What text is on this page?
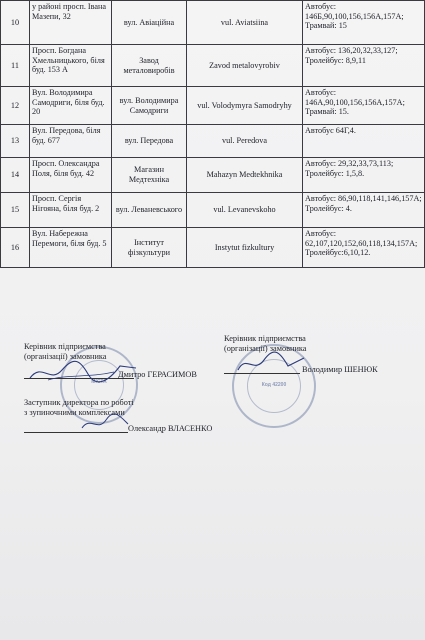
10	у районі просп. Івана Мазепи, 32	вул. Авіаційна	vul. Aviatsiina	Автобус: 146Б,90,100,156,156А,157А; Трамвай: 15
11	Просп. Богдана Хмельницького, біля буд. 153 А	Завод металовиробів	Zavod metalovyrobiv	Автобус: 136,20,32,33,127; Тролейбус: 8,9,11
12	Вул. Володимира Самодриги, біля буд. 20	вул. Володимира Самодриги	vul. Volodymyra Samodryhy	Автобус: 146А,90,100,156,156А,157А; Трамвай: 15.
13	Вул. Передова, біля буд. 677	вул. Передова	vul. Peredova	Автобус 64Г,4.
14	Просп. Олександра Поля, біля буд. 42	Магазин Медтехніка	Mahazyn Medtekhnika	Автобус: 29,32,33,73,113; Тролейбус: 1,5,8.
15	Просп. Сергія Нігояна, біля буд. 2	вул. Леваневського	vul. Levanevskoho	Автобус: 86,90,118,141,146,157А; Тролейбус: 4.
16	Вул. Набережна Перемоги, біля буд. 5	Інститут фізкультури	Instytut fizkultury	Автобус: 62,107,120,152,60,118,134,157А; Тролейбус:6,10,12.
МІСТА	Код 42200
Керівник підприємства
(організації) замовника
Дмитро ГЕРАСИМОВ
Керівник підприємства
(організації) замовника
Володимир ШЕНЮК
Заступник директора по роботі
з зупиночними комплексами
Олександр ВЛАСЕНКО
